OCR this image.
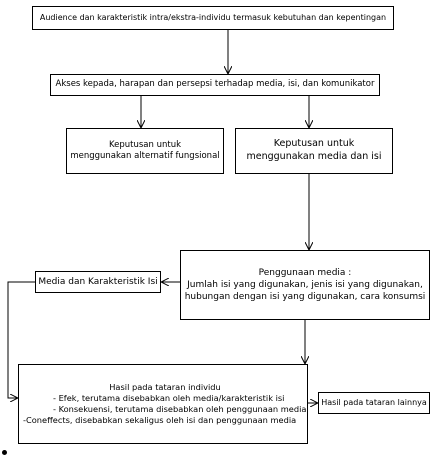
Audience dan karakteristik intra/ekstra-individu termasuk kebutuhan dan kepentingan
Akses kepada, harapan dan persepsi terhadap media, isi, dan komunikator
Keputusan untuk
menggunakan alternatif fungsional
Keputusan untuk
menggunakan media dan isi
Penggunaan media :
Jumlah isi yang digunakan, jenis isi yang digunakan,
hubungan dengan isi yang digunakan, cara konsumsi
Media dan Karakteristik Isi
Hasil pada tataran individu
- Efek, terutama disebabkan oleh media/karakteristik isi
- Konsekuensi, terutama disebabkan oleh penggunaan media
-Coneffects, disebabkan sekaligus oleh isi dan penggunaan media
Hasil pada tataran lainnya
